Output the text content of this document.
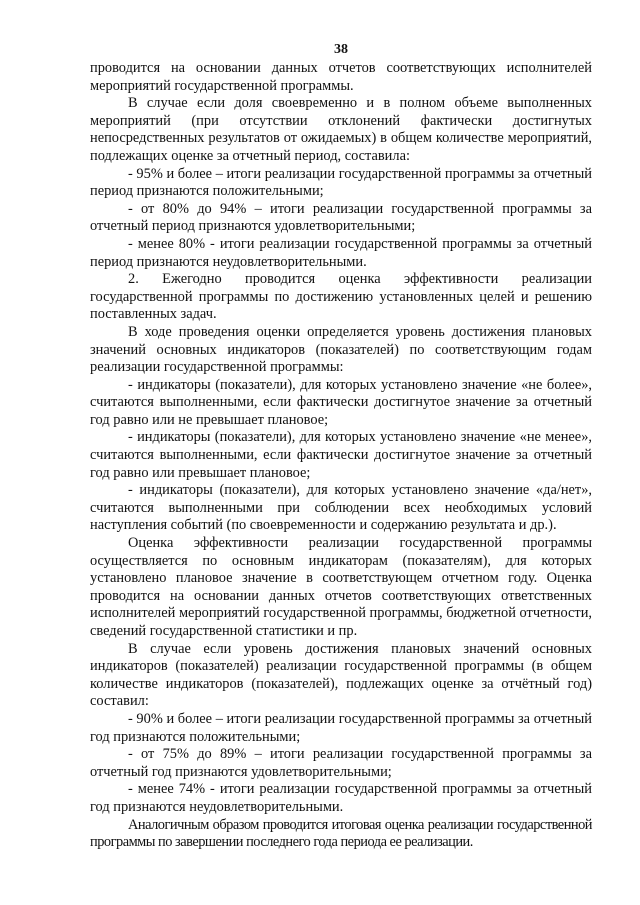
38

проводится на основании данных отчетов соответствующих исполнителей мероприятий государственной программы.

В случае если доля своевременно и в полном объеме выполненных мероприятий (при отсутствии отклонений фактически достигнутых непосредственных результатов от ожидаемых) в общем количестве мероприятий, подлежащих оценке за отчетный период, составила:

- 95% и более – итоги реализации государственной программы за отчетный период признаются положительными;

- от 80% до 94% – итоги реализации государственной программы за отчетный период признаются удовлетворительными;

- менее 80% - итоги реализации государственной программы за отчетный период признаются неудовлетворительными.

2. Ежегодно проводится оценка эффективности реализации государственной программы по достижению установленных целей и решению поставленных задач.

В ходе проведения оценки определяется уровень достижения плановых значений основных индикаторов (показателей) по соответствующим годам реализации государственной программы:

- индикаторы (показатели), для которых установлено значение «не более», считаются выполненными, если фактически достигнутое значение за отчетный год равно или не превышает плановое;

- индикаторы (показатели), для которых установлено значение «не менее», считаются выполненными, если фактически достигнутое значение за отчетный год равно или превышает плановое;

- индикаторы (показатели), для которых установлено значение «да/нет», считаются выполненными при соблюдении всех необходимых условий наступления событий (по своевременности и содержанию результата и др.).

Оценка эффективности реализации государственной программы осуществляется по основным индикаторам (показателям), для которых установлено плановое значение в соответствующем отчетном году. Оценка проводится на основании данных отчетов соответствующих ответственных исполнителей мероприятий государственной программы, бюджетной отчетности, сведений государственной статистики и пр.

В случае если уровень достижения плановых значений основных индикаторов (показателей) реализации государственной программы (в общем количестве индикаторов (показателей), подлежащих оценке за отчётный год) составил:

- 90% и более – итоги реализации государственной программы за отчетный год признаются положительными;

- от 75% до 89% – итоги реализации государственной программы за отчетный год признаются удовлетворительными;

- менее 74% - итоги реализации государственной программы за отчетный год признаются неудовлетворительными.

Аналогичным образом проводится итоговая оценка реализации государственной программы по завершении последнего года периода ее реализации.
